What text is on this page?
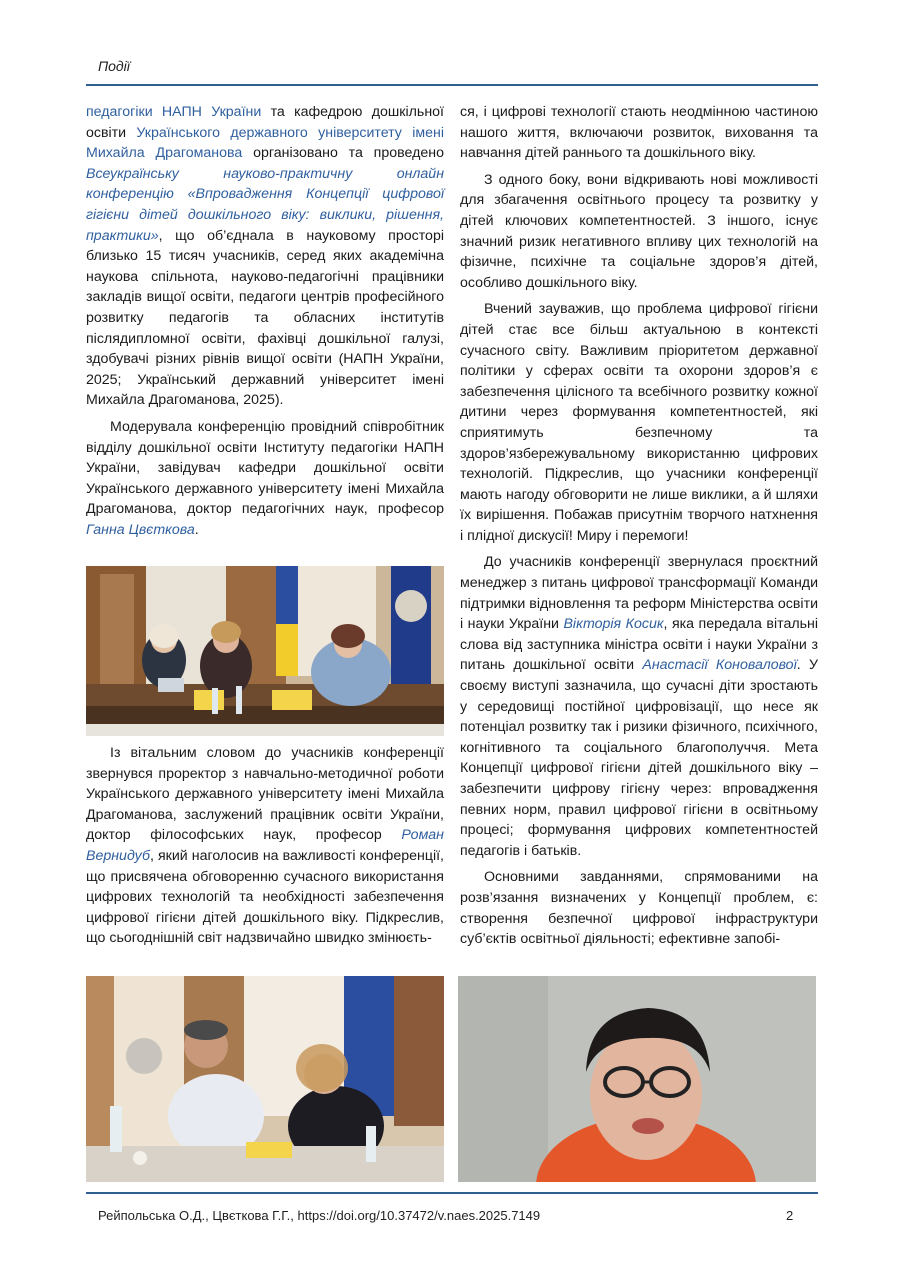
Події

педагогіки НАПН України та кафедрою дошкільної освіти Українського державного університету імені Михайла Драгоманова організовано та проведено Всеукраїнську науково-практичну онлайн конференцію «Впровадження Концепції цифрової гігієни дітей дошкільного віку: виклики, рішення, практики», що об’єднала в науковому просторі близько 15 тисяч учасників, серед яких академічна наукова спільнота, науково-педагогічні працівники закладів вищої освіти, педагоги центрів професійного розвитку педагогів та обласних інститутів післядипломної освіти, фахівці дошкільної галузі, здобувачі різних рівнів вищої освіти (НАПН України, 2025; Український державний університет імені Михайла Драгоманова, 2025).

Модерувала конференцію провідний співробітник відділу дошкільної освіти Інституту педагогіки НАПН України, завідувач кафедри дошкільної освіти Українського державного університету імені Михайла Драгоманова, доктор педагогічних наук, професор Ганна Цвєткова.

Із вітальним словом до учасників конференції звернувся проректор з навчально-методичної роботи Українського державного університету імені Михайла Драгоманова, заслужений працівник освіти України, доктор філософських наук, професор Роман Вернидуб, який наголосив на важливості конференції, що присвячена обговоренню сучасного використання цифрових технологій та необхідності забезпечення цифрової гігієни дітей дошкільного віку. Підкреслив, що сьогоднішній світ надзвичайно швидко змінюєть-

ся, і цифрові технології стають неодмінною частиною нашого життя, включаючи розвиток, виховання та навчання дітей раннього та дошкільного віку.

З одного боку, вони відкривають нові можливості для збагачення освітнього процесу та розвитку у дітей ключових компетентностей. З іншого, існує значний ризик негативного впливу цих технологій на фізичне, психічне та соціальне здоров’я дітей, особливо дошкільного віку.

Вчений зауважив, що проблема цифрової гігієни дітей стає все більш актуальною в контексті сучасного світу. Важливим пріоритетом державної політики у сферах освіти та охорони здоров’я є забезпечення цілісного та всебічного розвитку кожної дитини через формування компетентностей, які сприятимуть безпечному та здоров’язбережувальному використанню цифрових технологій. Підкреслив, що учасники конференції мають нагоду обговорити не лише виклики, а й шляхи їх вирішення. Побажав присутнім творчого натхнення і плідної дискусії! Миру і перемоги!

До учасників конференції звернулася проєктний менеджер з питань цифрової трансформації Команди підтримки відновлення та реформ Міністерства освіти і науки України Вікторія Косик, яка передала вітальні слова від заступника міністра освіти і науки України з питань дошкільної освіти Анастасії Коновалової. У своєму виступі зазначила, що сучасні діти зростають у середовищі постійної цифровізації, що несе як потенціал розвитку так і ризики фізичного, психічного, когнітивного та соціального благополуччя. Мета Концепції цифрової гігієни дітей дошкільного віку – забезпечити цифрову гігієну через: впровадження певних норм, правил цифрової гігієни в освітньому процесі; формування цифрових компетентностей педагогів і батьків.

Основними завданнями, спрямованими на розв’язання визначених у Концепції проблем, є: створення безпечної цифрової інфраструктури суб’єктів освітньої діяльності; ефективне запобі-

Рейпольська О.Д., Цвєткова Г.Г., https://doi.org/10.37472/v.naes.2025.7149	2
